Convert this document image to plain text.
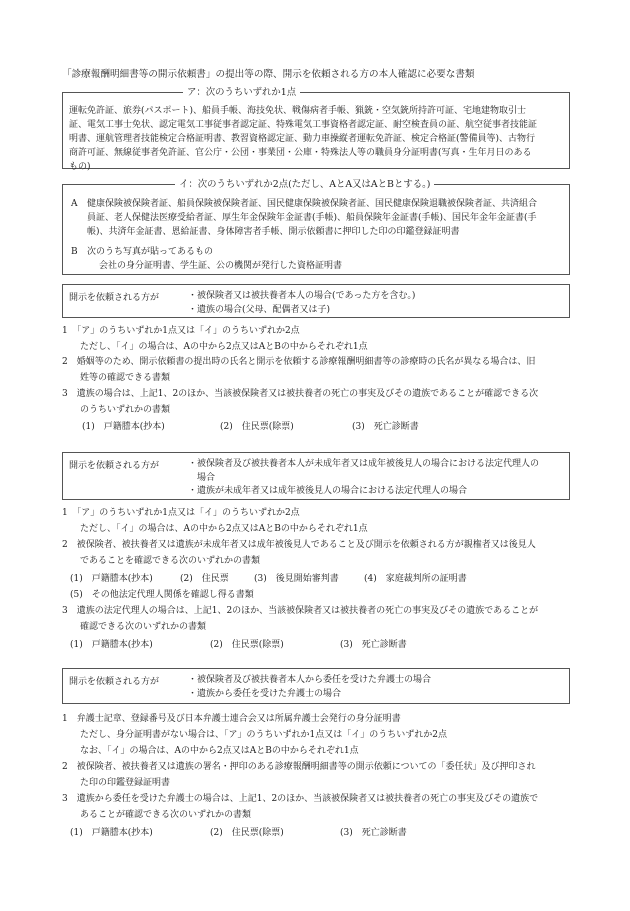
「診療報酬明細書等の開示依頼書」の提出等の際、開示を依頼される方の本人確認に必要な書類
ア：次のうちいずれか1点
運転免許証、旅券(パスポート)、船員手帳、海技免状、戦傷病者手帳、猟銃・空気銃所持許可証、宅地建物取引士
証、電気工事士免状、認定電気工事従事者認定証、特殊電気工事資格者認定証、耐空検査員の証、航空従事者技能証
明書、運航管理者技能検定合格証明書、教習資格認定証、動力車操縦者運転免許証、検定合格証(警備員等)、古物行
商許可証、無線従事者免許証、官公庁・公団・事業団・公庫・特殊法人等の職員身分証明書(写真・生年月日のある
もの)
イ：次のうちいずれか2点(ただし、AとA又はAとBとする。)
A 健康保険被保険者証、船員保険被保険者証、国民健康保険被保険者証、国民健康保険退職被保険者証、共済組合
員証、老人保健法医療受給者証、厚生年金保険年金証書(手帳)、船員保険年金証書(手帳)、国民年金年金証書(手
帳)、共済年金証書、恩給証書、身体障害者手帳、開示依頼書に押印した印の印鑑登録証明書
B 次のうち写真が貼ってあるもの
会社の身分証明書、学生証、公の機関が発行した資格証明書
開示を依頼される方が	・被保険者又は被扶養者本人の場合(であった方を含む。)
・遺族の場合(父母、配偶者又は子)
1　「ア」のうちいずれか1点又は「イ」のうちいずれか2点
ただし、「イ」の場合は、Aの中から2点又はAとBの中からそれぞれ1点
2　婚姻等のため、開示依頼書の提出時の氏名と開示を依頼する診療報酬明細書等の診療時の氏名が異なる場合は、旧
姓等の確認できる書類
3　遺族の場合は、上記1、2のほか、当該被保険者又は被扶養者の死亡の事実及びその遺族であることが確認できる次
のうちいずれかの書類
(1)　戸籍謄本(抄本)	(2)　住民票(除票)	(3)　死亡診断書
開示を依頼される方が	・被保険者及び被扶養者本人が未成年者又は成年被後見人の場合における法定代理人の
　場合
・遺族が未成年者又は成年被後見人の場合における法定代理人の場合
1　「ア」のうちいずれか1点又は「イ」のうちいずれか2点
ただし、「イ」の場合は、Aの中から2点又はAとBの中からそれぞれ1点
2　被保険者、被扶養者又は遺族が未成年者又は成年被後見人であること及び開示を依頼される方が親権者又は後見人
であることを確認できる次のいずれかの書類
(1)　戸籍謄本(抄本)	(2)　住民票	(3)　後見開始審判書	(4)　家庭裁判所の証明書
(5)　その他法定代理人関係を確認し得る書類
3　遺族の法定代理人の場合は、上記1、2のほか、当該被保険者又は被扶養者の死亡の事実及びその遺族であることが
確認できる次のいずれかの書類
(1)　戸籍謄本(抄本)	(2)　住民票(除票)	(3)　死亡診断書
開示を依頼される方が	・被保険者及び被扶養者本人から委任を受けた弁護士の場合
・遺族から委任を受けた弁護士の場合
1　弁護士記章、登録番号及び日本弁護士連合会又は所属弁護士会発行の身分証明書
ただし、身分証明書がない場合は、「ア」のうちいずれか1点又は「イ」のうちいずれか2点
なお、「イ」の場合は、Aの中から2点又はAとBの中からそれぞれ1点
2　被保険者、被扶養者又は遺族の署名・押印のある診療報酬明細書等の開示依頼についての「委任状」及び押印され
た印の印鑑登録証明書
3　遺族から委任を受けた弁護士の場合は、上記1、2のほか、当該被保険者又は被扶養者の死亡の事実及びその遺族で
あることが確認できる次のいずれかの書類
(1)　戸籍謄本(抄本)	(2)　住民票(除票)	(3)　死亡診断書
